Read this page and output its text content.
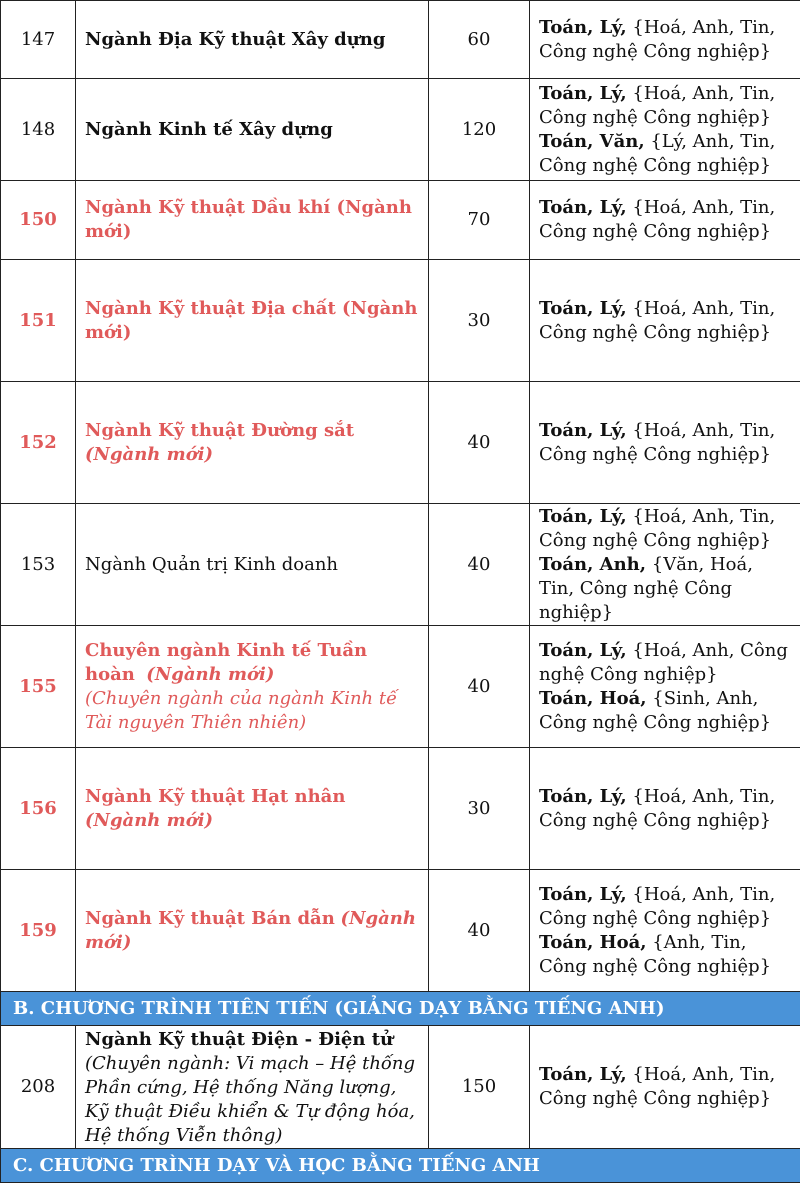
147	Ngành Địa Kỹ thuật Xây dựng	60	Toán, Lý, {Hoá, Anh, Tin, Công nghệ Công nghiệp}

148	Ngành Kinh tế Xây dựng	120	Toán, Lý, {Hoá, Anh, Tin, Công nghệ Công nghiệp}
Toán, Văn, {Lý, Anh, Tin, Công nghệ Công nghiệp}

150	Ngành Kỹ thuật Dầu khí (Ngành mới)	70	Toán, Lý, {Hoá, Anh, Tin, Công nghệ Công nghiệp}

151	Ngành Kỹ thuật Địa chất (Ngành mới)	30	Toán, Lý, {Hoá, Anh, Tin, Công nghệ Công nghiệp}

152	Ngành Kỹ thuật Đường sắt (Ngành mới)	40	Toán, Lý, {Hoá, Anh, Tin, Công nghệ Công nghiệp}

153	Ngành Quản trị Kinh doanh	40	Toán, Lý, {Hoá, Anh, Tin, Công nghệ Công nghiệp}
Toán, Anh, {Văn, Hoá, Tin, Công nghệ Công nghiệp}

155	Chuyên ngành Kinh tế Tuần hoàn (Ngành mới)
(Chuyên ngành của ngành Kinh tế Tài nguyên Thiên nhiên)	40	Toán, Lý, {Hoá, Anh, Công nghệ Công nghiệp}
Toán, Hoá, {Sinh, Anh, Công nghệ Công nghiệp}

156	Ngành Kỹ thuật Hạt nhân (Ngành mới)	30	Toán, Lý, {Hoá, Anh, Tin, Công nghệ Công nghiệp}

159	Ngành Kỹ thuật Bán dẫn (Ngành mới)	40	Toán, Lý, {Hoá, Anh, Tin, Công nghệ Công nghiệp}
Toán, Hoá, {Anh, Tin, Công nghệ Công nghiệp}

B. CHƯƠNG TRÌNH TIÊN TIẾN (GIẢNG DẠY BẰNG TIẾNG ANH)			
208	Ngành Kỹ thuật Điện - Điện tử
(Chuyên ngành: Vi mạch – Hệ thống Phần cứng, Hệ thống Năng lượng, Kỹ thuật Điều khiển & Tự động hóa, Hệ thống Viễn thông)	150	Toán, Lý, {Hoá, Anh, Tin, Công nghệ Công nghiệp}

C. CHƯƠNG TRÌNH DẠY VÀ HỌC BẰNG TIẾNG ANH			
